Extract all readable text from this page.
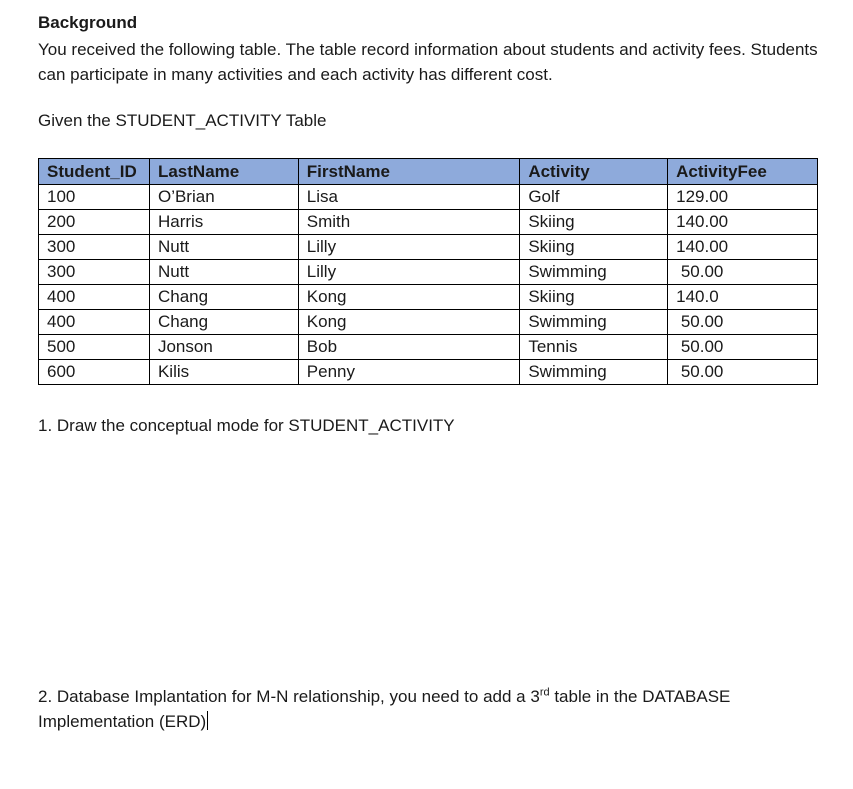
Background
You received the following table. The table record information about students and activity fees. Students can participate in many activities and each activity has different cost.
Given the STUDENT_ACTIVITY Table
Student_ID	LastName	FirstName	Activity	ActivityFee
100	O’Brian	Lisa	Golf	129.00
200	Harris	Smith	Skiing	140.00
300	Nutt	Lilly	Skiing	140.00
300	Nutt	Lilly	Swimming	50.00
400	Chang	Kong	Skiing	140.0
400	Chang	Kong	Swimming	50.00
500	Jonson	Bob	Tennis	50.00
600	Kilis	Penny	Swimming	50.00
1. Draw the conceptual mode for STUDENT_ACTIVITY
2. Database Implantation for M-N relationship, you need to add a 3rd table in the DATABASE Implementation (ERD)
